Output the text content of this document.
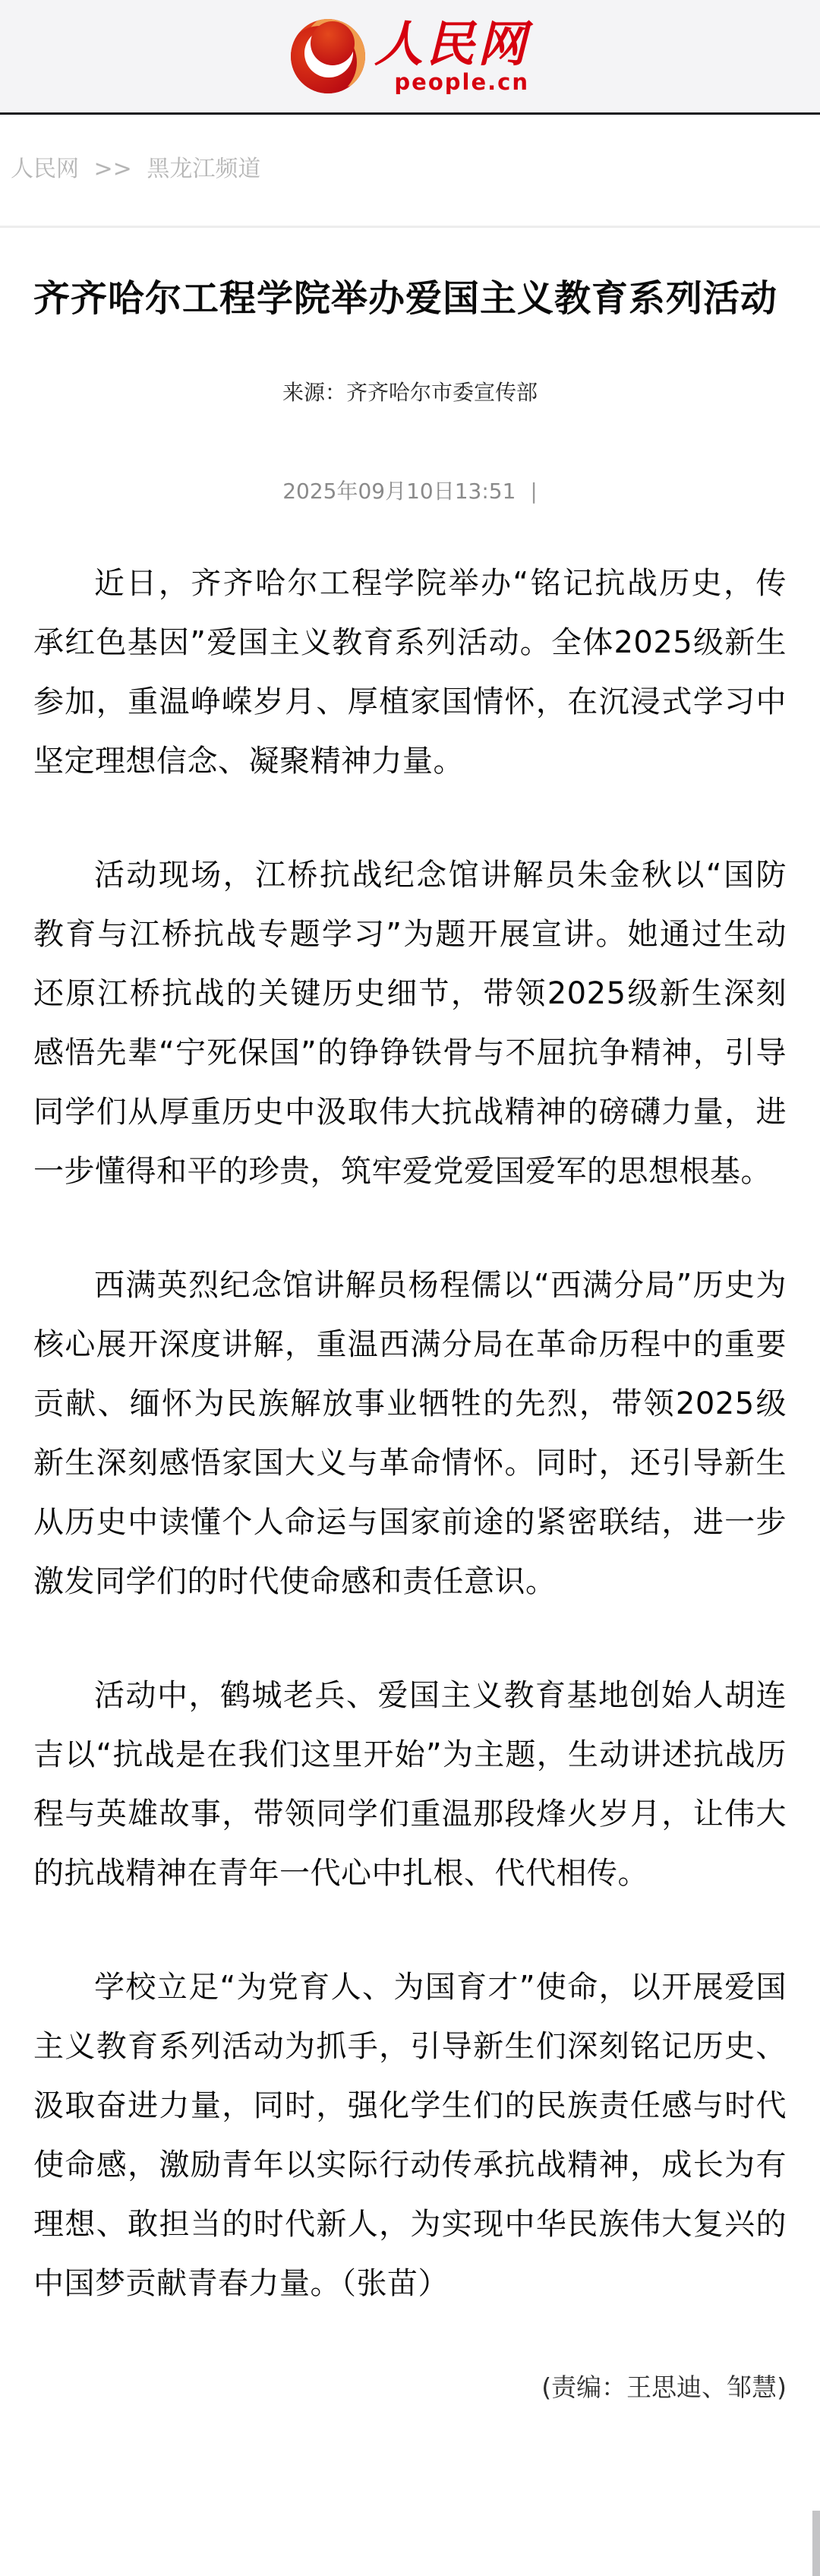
人民网
people.cn
人民网 >> 黑龙江频道
齐齐哈尔工程学院举办爱国主义教育系列活动
来源：齐齐哈尔市委宣传部
2025年09月10日13:51 |

近日，齐齐哈尔工程学院举办“铭记抗战历史，传承红色基因”爱国主义教育系列活动。全体2025级新生参加，重温峥嵘岁月、厚植家国情怀，在沉浸式学习中坚定理想信念、凝聚精神力量。

活动现场，江桥抗战纪念馆讲解员朱金秋以“国防教育与江桥抗战专题学习”为题开展宣讲。她通过生动还原江桥抗战的关键历史细节，带领2025级新生深刻感悟先辈“宁死保国”的铮铮铁骨与不屈抗争精神，引导同学们从厚重历史中汲取伟大抗战精神的磅礴力量，进一步懂得和平的珍贵，筑牢爱党爱国爱军的思想根基。

西满英烈纪念馆讲解员杨程儒以“西满分局”历史为核心展开深度讲解，重温西满分局在革命历程中的重要贡献、缅怀为民族解放事业牺牲的先烈，带领2025级新生深刻感悟家国大义与革命情怀。同时，还引导新生从历史中读懂个人命运与国家前途的紧密联结，进一步激发同学们的时代使命感和责任意识。

活动中，鹤城老兵、爱国主义教育基地创始人胡连吉以“抗战是在我们这里开始”为主题，生动讲述抗战历程与英雄故事，带领同学们重温那段烽火岁月，让伟大的抗战精神在青年一代心中扎根、代代相传。

学校立足“为党育人、为国育才”使命，以开展爱国主义教育系列活动为抓手，引导新生们深刻铭记历史、汲取奋进力量，同时，强化学生们的民族责任感与时代使命感，激励青年以实际行动传承抗战精神，成长为有理想、敢担当的时代新人，为实现中华民族伟大复兴的中国梦贡献青春力量。（张苗）

(责编：王思迪、邹慧)
